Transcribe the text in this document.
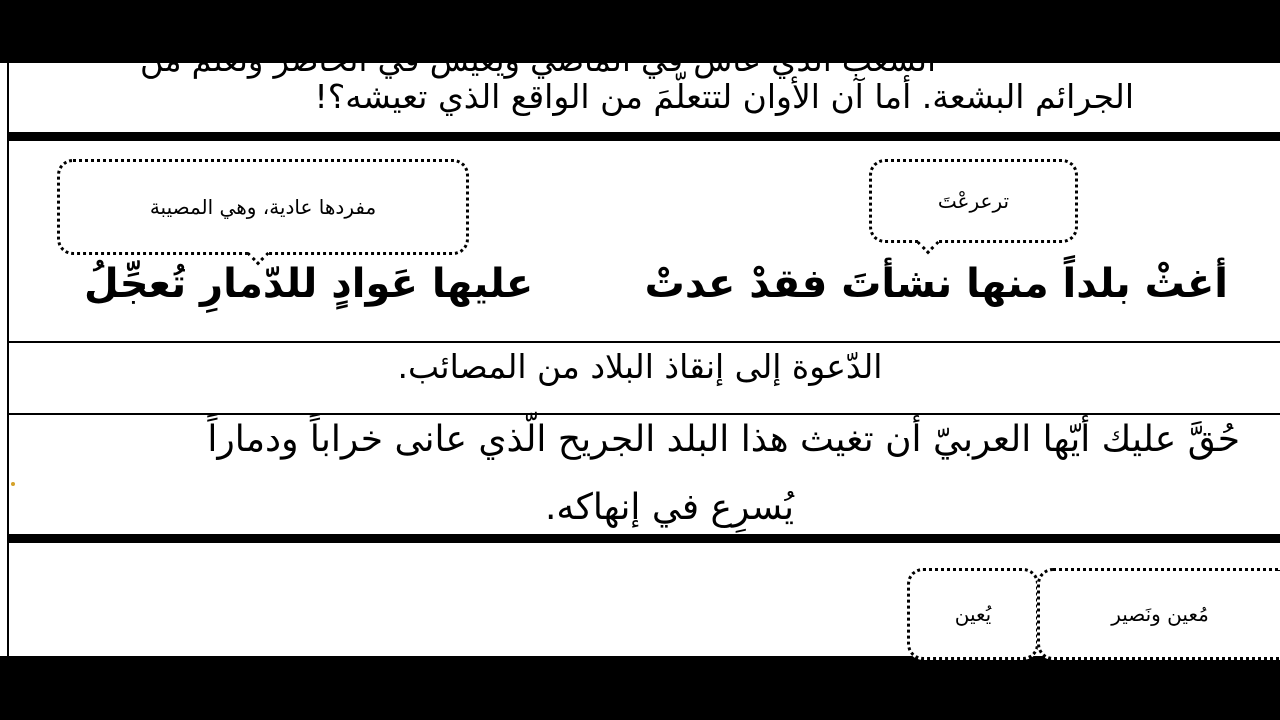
الشعب الذي عاش في الماضي ويعيش في الحاضر وتعلم من
الجرائم البشعة. أما آن الأوان لتتعلّمَ من الواقع الذي تعيشه؟!
مفردها عادية، وهي المصيبة	ترعرعْتَ
أغثْ بلداً منها نشأتَ فقدْ عدتْ
عليها عَوادٍ للدّمارِ تُعجِّلُ
الدّعوة إلى إنقاذ البلاد من المصائب.
حُقَّ عليك أيّها العربيّ أن تغيث هذا البلد الجريح الّذي عانى خراباً ودماراً
يُسرِع في إنهاكه.
يُعين	مُعين ونَصير
